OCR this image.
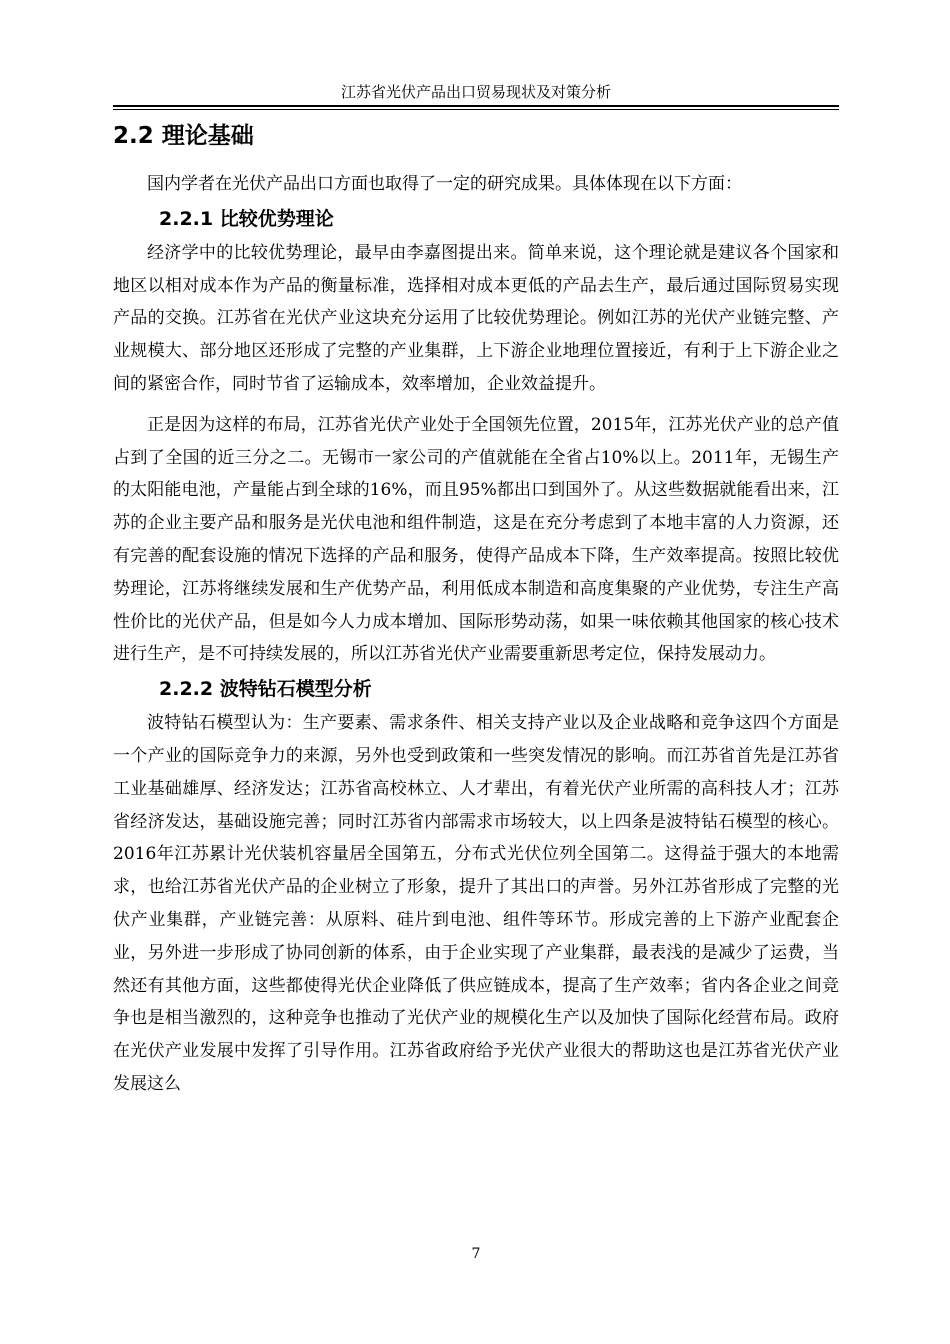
江苏省光伏产品出口贸易现状及对策分析
2.2 理论基础

国内学者在光伏产品出口方面也取得了一定的研究成果。具体体现在以下方面：

2.2.1 比较优势理论

经济学中的比较优势理论，最早由李嘉图提出来。简单来说，这个理论就是建议各个国家和地区以相对成本作为产品的衡量标准，选择相对成本更低的产品去生产，最后通过国际贸易实现产品的交换。江苏省在光伏产业这块充分运用了比较优势理论。例如江苏的光伏产业链完整、产业规模大、部分地区还形成了完整的产业集群，上下游企业地理位置接近，有利于上下游企业之间的紧密合作，同时节省了运输成本，效率增加，企业效益提升。

正是因为这样的布局，江苏省光伏产业处于全国领先位置，2015年，江苏光伏产业的总产值占到了全国的近三分之二。无锡市一家公司的产值就能在全省占10%以上。2011年，无锡生产的太阳能电池，产量能占到全球的16%，而且95%都出口到国外了。从这些数据就能看出来，江苏的企业主要产品和服务是光伏电池和组件制造，这是在充分考虑到了本地丰富的人力资源，还有完善的配套设施的情况下选择的产品和服务，使得产品成本下降，生产效率提高。按照比较优势理论，江苏将继续发展和生产优势产品，利用低成本制造和高度集聚的产业优势，专注生产高性价比的光伏产品，但是如今人力成本增加、国际形势动荡，如果一味依赖其他国家的核心技术进行生产，是不可持续发展的，所以江苏省光伏产业需要重新思考定位，保持发展动力。

2.2.2 波特钻石模型分析

波特钻石模型认为：生产要素、需求条件、相关支持产业以及企业战略和竞争这四个方面是一个产业的国际竞争力的来源，另外也受到政策和一些突发情况的影响。而江苏省首先是江苏省工业基础雄厚、经济发达；江苏省高校林立、人才辈出，有着光伏产业所需的高科技人才；江苏省经济发达，基础设施完善；同时江苏省内部需求市场较大，以上四条是波特钻石模型的核心。2016年江苏累计光伏装机容量居全国第五，分布式光伏位列全国第二。这得益于强大的本地需求，也给江苏省光伏产品的企业树立了形象，提升了其出口的声誉。另外江苏省形成了完整的光伏产业集群，产业链完善：从原料、硅片到电池、组件等环节。形成完善的上下游产业配套企业，另外进一步形成了协同创新的体系，由于企业实现了产业集群，最表浅的是减少了运费，当然还有其他方面，这些都使得光伏企业降低了供应链成本，提高了生产效率；省内各企业之间竞争也是相当激烈的，这种竞争也推动了光伏产业的规模化生产以及加快了国际化经营布局。政府在光伏产业发展中发挥了引导作用。江苏省政府给予光伏产业很大的帮助这也是江苏省光伏产业发展这么

7
